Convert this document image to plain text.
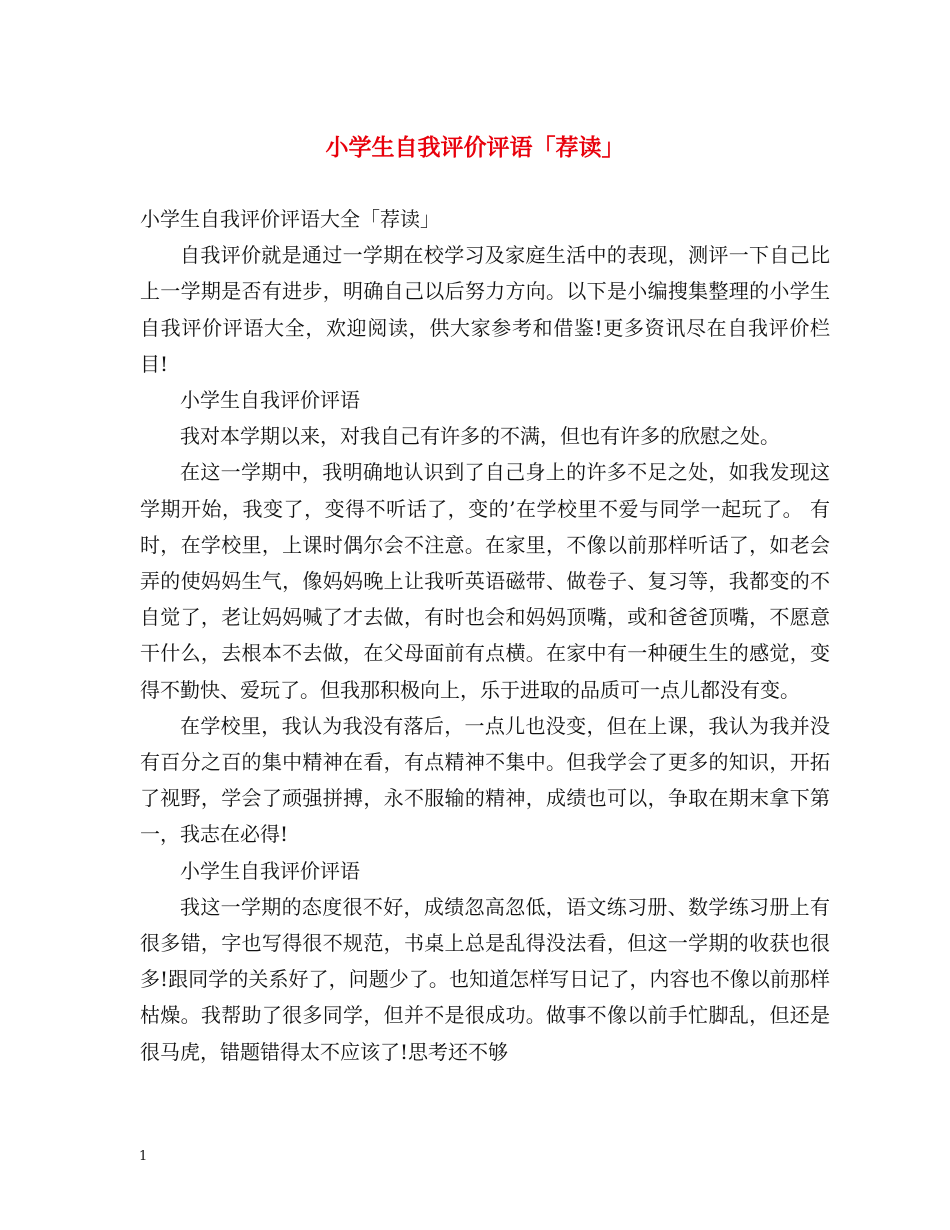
小学生自我评价评语「荐读」

小学生自我评价评语大全「荐读」

自我评价就是通过一学期在校学习及家庭生活中的表现，测评一下自己比上一学期是否有进步，明确自己以后努力方向。以下是小编搜集整理的小学生自我评价评语大全，欢迎阅读，供大家参考和借鉴!更多资讯尽在自我评价栏目!

小学生自我评价评语

我对本学期以来，对我自己有许多的不满，但也有许多的欣慰之处。

在这一学期中，我明确地认识到了自己身上的许多不足之处，如我发现这学期开始，我变了，变得不听话了，变的’在学校里不爱与同学一起玩了。 有时，在学校里，上课时偶尔会不注意。在家里，不像以前那样听话了，如老会弄的使妈妈生气，像妈妈晚上让我听英语磁带、做卷子、复习等，我都变的不自觉了，老让妈妈喊了才去做，有时也会和妈妈顶嘴，或和爸爸顶嘴，不愿意干什么，去根本不去做，在父母面前有点横。在家中有一种硬生生的感觉，变得不勤快、爱玩了。但我那积极向上，乐于进取的品质可一点儿都没有变。

在学校里，我认为我没有落后，一点儿也没变，但在上课，我认为我并没有百分之百的集中精神在看，有点精神不集中。但我学会了更多的知识，开拓了视野，学会了顽强拼搏，永不服输的精神，成绩也可以，争取在期末拿下第一，我志在必得!

小学生自我评价评语

我这一学期的态度很不好，成绩忽高忽低，语文练习册、数学练习册上有很多错，字也写得很不规范，书桌上总是乱得没法看，但这一学期的收获也很多!跟同学的关系好了，问题少了。也知道怎样写日记了，内容也不像以前那样枯燥。我帮助了很多同学，但并不是很成功。做事不像以前手忙脚乱，但还是很马虎，错题错得太不应该了!思考还不够

1
